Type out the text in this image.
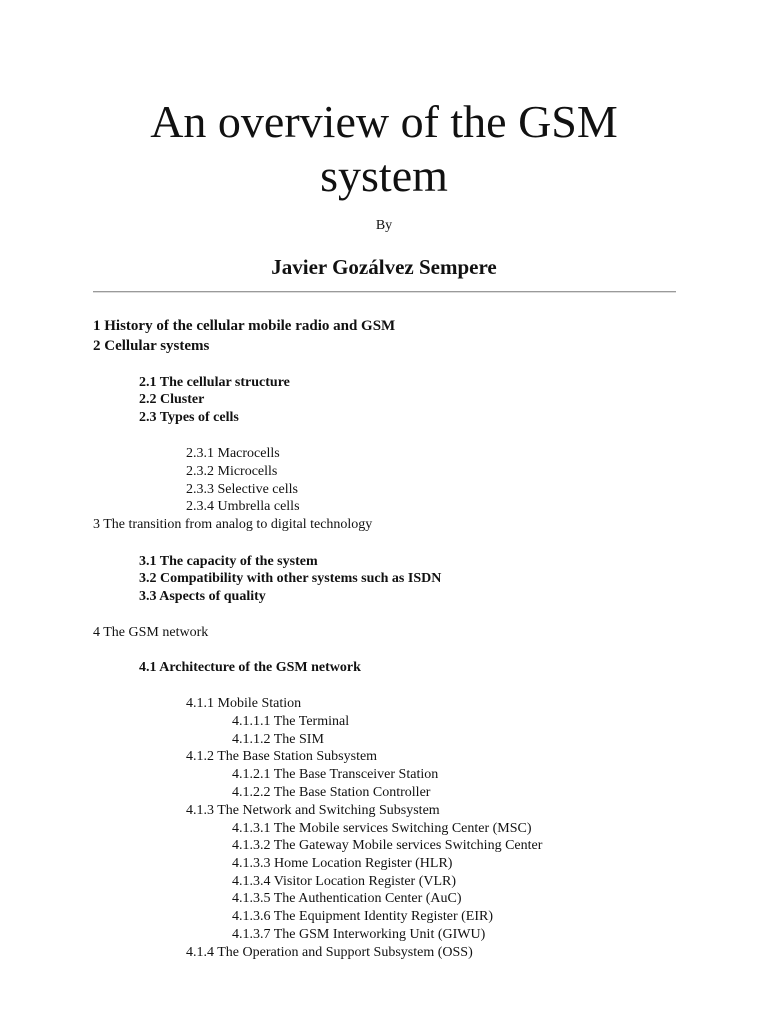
An overview of the GSM
system
By
Javier Gozálvez Sempere
1 History of the cellular mobile radio and GSM
2 Cellular systems
2.1 The cellular structure
2.2 Cluster
2.3 Types of cells
2.3.1 Macrocells
2.3.2 Microcells
2.3.3 Selective cells
2.3.4 Umbrella cells
3 The transition from analog to digital technology
3.1 The capacity of the system
3.2 Compatibility with other systems such as ISDN
3.3 Aspects of quality
4 The GSM network
4.1 Architecture of the GSM network
4.1.1 Mobile Station
4.1.1.1 The Terminal
4.1.1.2 The SIM
4.1.2 The Base Station Subsystem
4.1.2.1 The Base Transceiver Station
4.1.2.2 The Base Station Controller
4.1.3 The Network and Switching Subsystem
4.1.3.1 The Mobile services Switching Center (MSC)
4.1.3.2 The Gateway Mobile services Switching Center
4.1.3.3 Home Location Register (HLR)
4.1.3.4 Visitor Location Register (VLR)
4.1.3.5 The Authentication Center (AuC)
4.1.3.6 The Equipment Identity Register (EIR)
4.1.3.7 The GSM Interworking Unit (GIWU)
4.1.4 The Operation and Support Subsystem (OSS)
